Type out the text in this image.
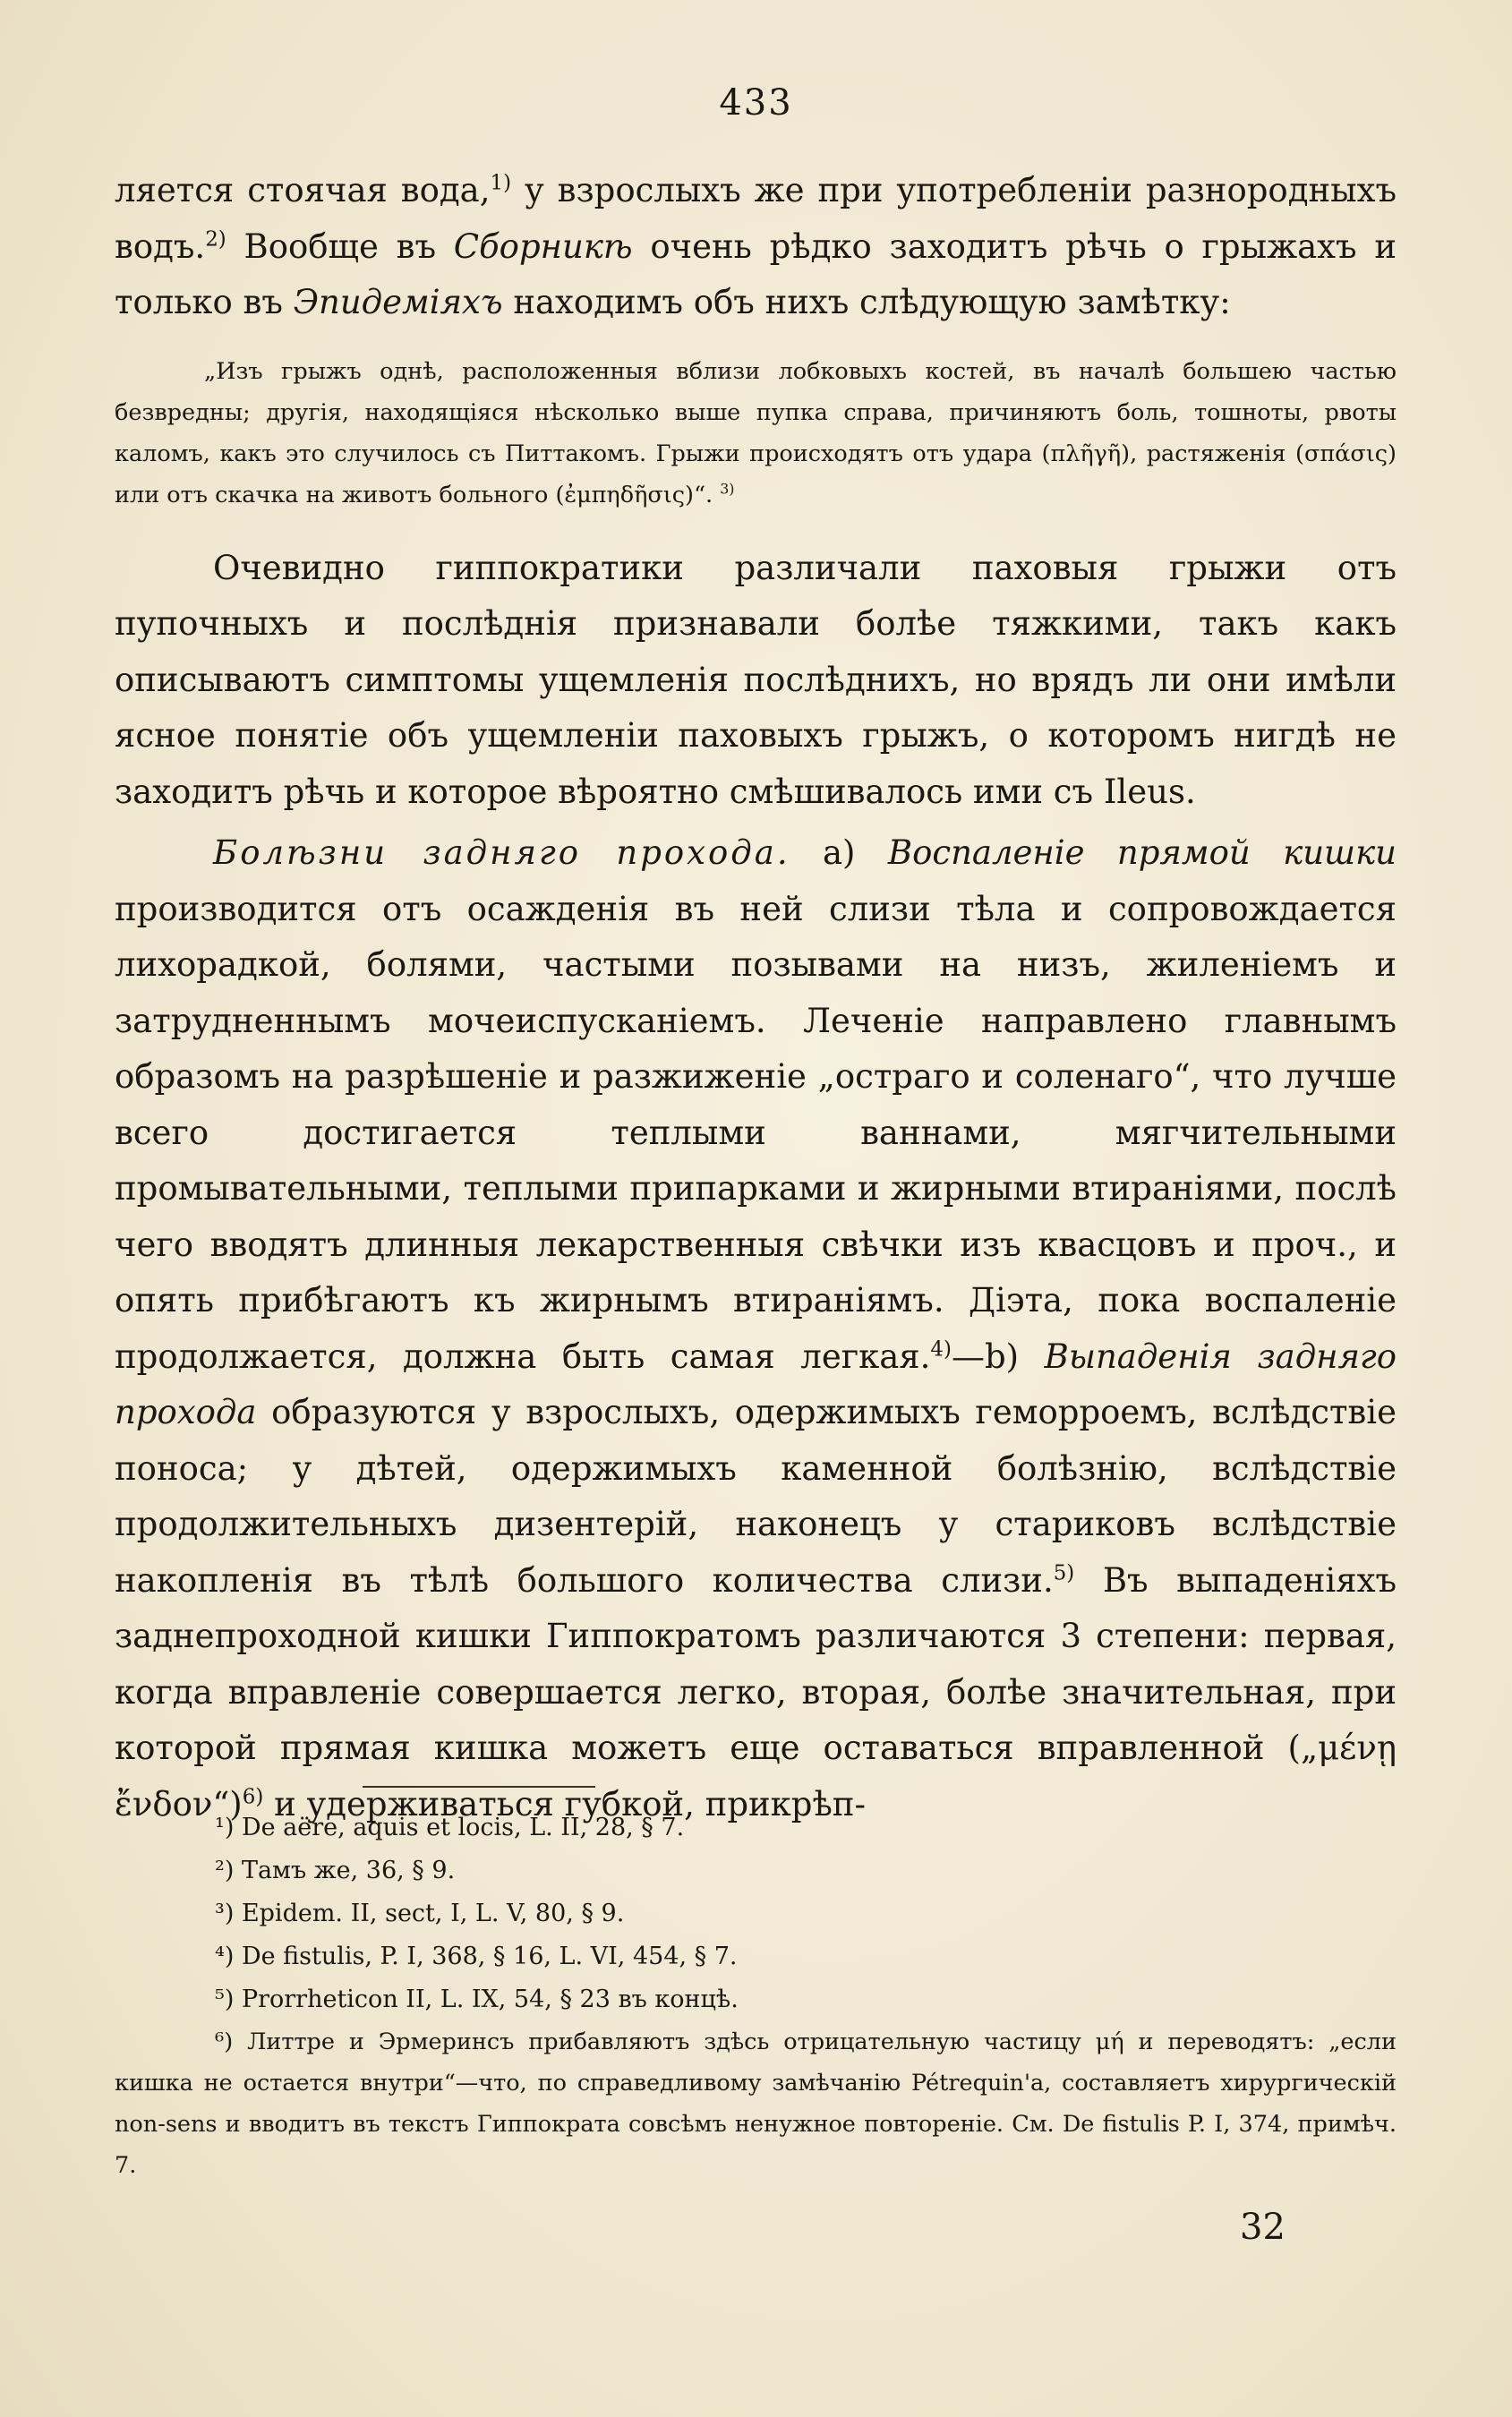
433

ляется стоячая вода,$^{1)}$ у взрослыхъ же при употребленіи разнородныхъ водъ.$^{2)}$ Вообще въ Сборникѣ очень рѣдко заходитъ рѣчь о грыжахъ и только въ Эпидеміяхъ находимъ объ нихъ слѣдующую замѣтку:

„Изъ грыжъ однѣ, расположенныя вблизи лобковыхъ костей, въ началѣ большею частью безвредны; другія, находящіяся нѣсколько выше пупка справа, причиняютъ боль, тошноты, рвоты каломъ, какъ это случилось съ Питтакомъ. Грыжи происходятъ отъ удара (πλῆγῆ), растяженія (σπάσις) или отъ скачка на животъ больного (ἐμπηδῆσις)“. $^{3)}$

Очевидно гиппократики различали паховыя грыжи отъ пупочныхъ и послѣднія признавали болѣе тяжкими, такъ какъ описываютъ симптомы ущемленія послѣднихъ, но врядъ ли они имѣли ясное понятіе объ ущемленіи паховыхъ грыжъ, о которомъ нигдѣ не заходитъ рѣчь и которое вѣроятно смѣшивалось ими съ Ileus.

Болѣзни задняго прохода. а) Воспаленіе прямой кишки производится отъ осажденія въ ней слизи тѣла и сопровождается лихорадкой, болями, частыми позывами на низъ, жиленіемъ и затрудненнымъ мочеиспусканіемъ. Леченіе направлено главнымъ образомъ на разрѣшеніе и разжиженіе „остраго и соленаго“, что лучше всего достигается теплыми ваннами, мягчительными промывательными, теплыми припарками и жирными втираніями, послѣ чего вводятъ длинныя лекарственныя свѣчки изъ квасцовъ и проч., и опять прибѣгаютъ къ жирнымъ втираніямъ. Діэта, пока воспаленіе продолжается, должна быть самая легкая.$^{4)}$—b) Выпаденія задняго прохода образуются у взрослыхъ, одержимыхъ геморроемъ, вслѣдствіе поноса; у дѣтей, одержимыхъ каменной болѣзнію, вслѣдствіе продолжительныхъ дизентерій, наконецъ у стариковъ вслѣдствіе накопленія въ тѣлѣ большого количества слизи.$^{5)}$ Въ выпаденіяхъ заднепроходной кишки Гиппократомъ различаются 3 степени: первая, когда вправленіе совершается легко, вторая, болѣе значительная, при которой прямая кишка можетъ еще оставаться вправленной („μένῃ ἔνδον“)$^{6)}$ и удерживаться губкой, прикрѣп-

¹) De aëre, aquis et locis, L. II, 28, § 7.

²) Тамъ же, 36, § 9.

³) Epidem. II, sect, I, L. V, 80, § 9.

⁴) De fistulis, P. I, 368, § 16, L. VI, 454, § 7.

⁵) Prorrheticon II, L. IX, 54, § 23 въ концѣ.

⁶) Литтре и Эрмеринсъ прибавляютъ здѣсь отрицательную частицу μή и переводятъ: „если кишка не остается внутри“—что, по справедливому замѣчанію Pétrequin'а, составляетъ хирургическій non-sens и вводитъ въ текстъ Гиппократа совсѣмъ ненужное повтореніе. См. De fistulis P. I, 374, примѣч. 7.

32
